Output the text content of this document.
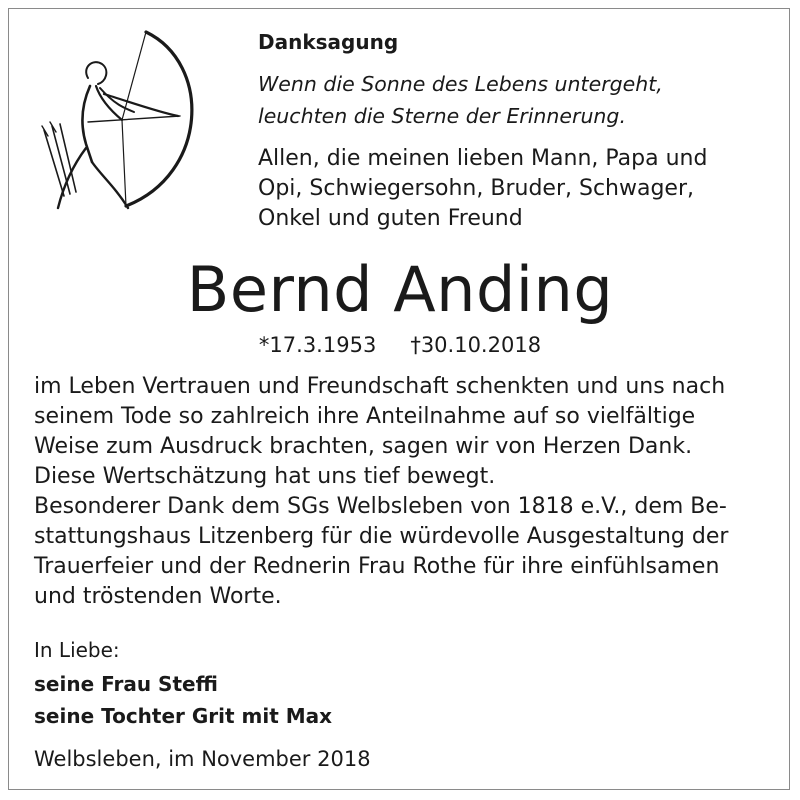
Danksagung

Wenn die Sonne des Lebens untergeht,
leuchten die Sterne der Erinnerung.

Allen, die meinen lieben Mann, Papa und
Opi, Schwiegersohn, Bruder, Schwager,
Onkel und guten Freund

Bernd Anding

*17.3.1953 †30.10.2018

im Leben Vertrauen und Freundschaft schenkten und uns nach
seinem Tode so zahlreich ihre Anteilnahme auf so vielfältige
Weise zum Ausdruck brachten, sagen wir von Herzen Dank.
Diese Wertschätzung hat uns tief bewegt.
Besonderer Dank dem SGs Welbsleben von 1818 e.V., dem Be-
stattungshaus Litzenberg für die würdevolle Ausgestaltung der
Trauerfeier und der Rednerin Frau Rothe für ihre einfühlsamen
und tröstenden Worte.

In Liebe:

seine Frau Steffi
seine Tochter Grit mit Max

Welbsleben, im November 2018
